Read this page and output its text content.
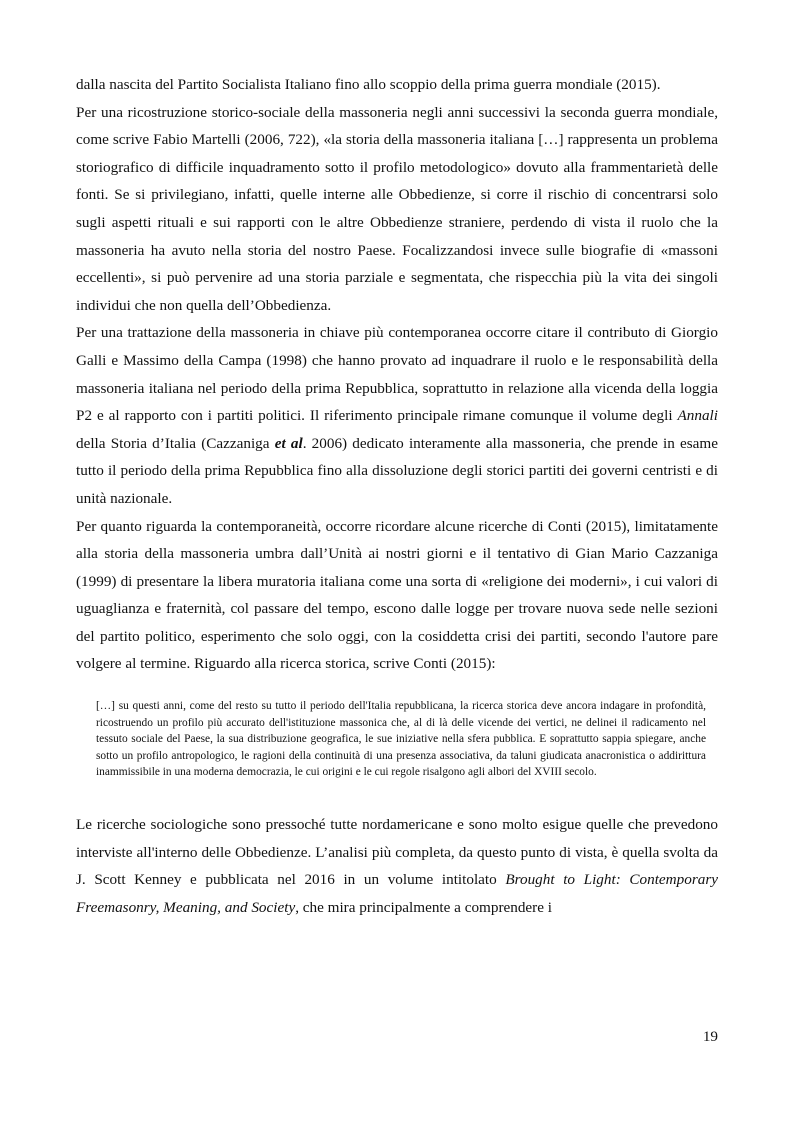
dalla nascita del Partito Socialista Italiano fino allo scoppio della prima guerra mondiale (2015).

Per una ricostruzione storico-sociale della massoneria negli anni successivi la seconda guerra mondiale, come scrive Fabio Martelli (2006, 722), «la storia della massoneria italiana […] rappresenta un problema storiografico di difficile inquadramento sotto il profilo metodologico» dovuto alla frammentarietà delle fonti. Se si privilegiano, infatti, quelle interne alle Obbedienze, si corre il rischio di concentrarsi solo sugli aspetti rituali e sui rapporti con le altre Obbedienze straniere, perdendo di vista il ruolo che la massoneria ha avuto nella storia del nostro Paese. Focalizzandosi invece sulle biografie di «massoni eccellenti», si può pervenire ad una storia parziale e segmentata, che rispecchia più la vita dei singoli individui che non quella dell’Obbedienza.

Per una trattazione della massoneria in chiave più contemporanea occorre citare il contributo di Giorgio Galli e Massimo della Campa (1998) che hanno provato ad inquadrare il ruolo e le responsabilità della massoneria italiana nel periodo della prima Repubblica, soprattutto in relazione alla vicenda della loggia P2 e al rapporto con i partiti politici. Il riferimento principale rimane comunque il volume degli Annali della Storia d’Italia (Cazzaniga et al. 2006) dedicato interamente alla massoneria, che prende in esame tutto il periodo della prima Repubblica fino alla dissoluzione degli storici partiti dei governi centristi e di unità nazionale.

Per quanto riguarda la contemporaneità, occorre ricordare alcune ricerche di Conti (2015), limitatamente alla storia della massoneria umbra dall’Unità ai nostri giorni e il tentativo di Gian Mario Cazzaniga (1999) di presentare la libera muratoria italiana come una sorta di «religione dei moderni», i cui valori di uguaglianza e fraternità, col passare del tempo, escono dalle logge per trovare nuova sede nelle sezioni del partito politico, esperimento che solo oggi, con la cosiddetta crisi dei partiti, secondo l'autore pare volgere al termine. Riguardo alla ricerca storica, scrive Conti (2015):

[…] su questi anni, come del resto su tutto il periodo dell'Italia repubblicana, la ricerca storica deve ancora indagare in profondità, ricostruendo un profilo più accurato dell'istituzione massonica che, al di là delle vicende dei vertici, ne delinei il radicamento nel tessuto sociale del Paese, la sua distribuzione geografica, le sue iniziative nella sfera pubblica. E soprattutto sappia spiegare, anche sotto un profilo antropologico, le ragioni della continuità di una presenza associativa, da taluni giudicata anacronistica o addirittura inammissibile in una moderna democrazia, le cui origini e le cui regole risalgono agli albori del XVIII secolo.

Le ricerche sociologiche sono pressoché tutte nordamericane e sono molto esigue quelle che prevedono interviste all'interno delle Obbedienze. L’analisi più completa, da questo punto di vista, è quella svolta da J. Scott Kenney e pubblicata nel 2016 in un volume intitolato Brought to Light: Contemporary Freemasonry, Meaning, and Society, che mira principalmente a comprendere i

19
